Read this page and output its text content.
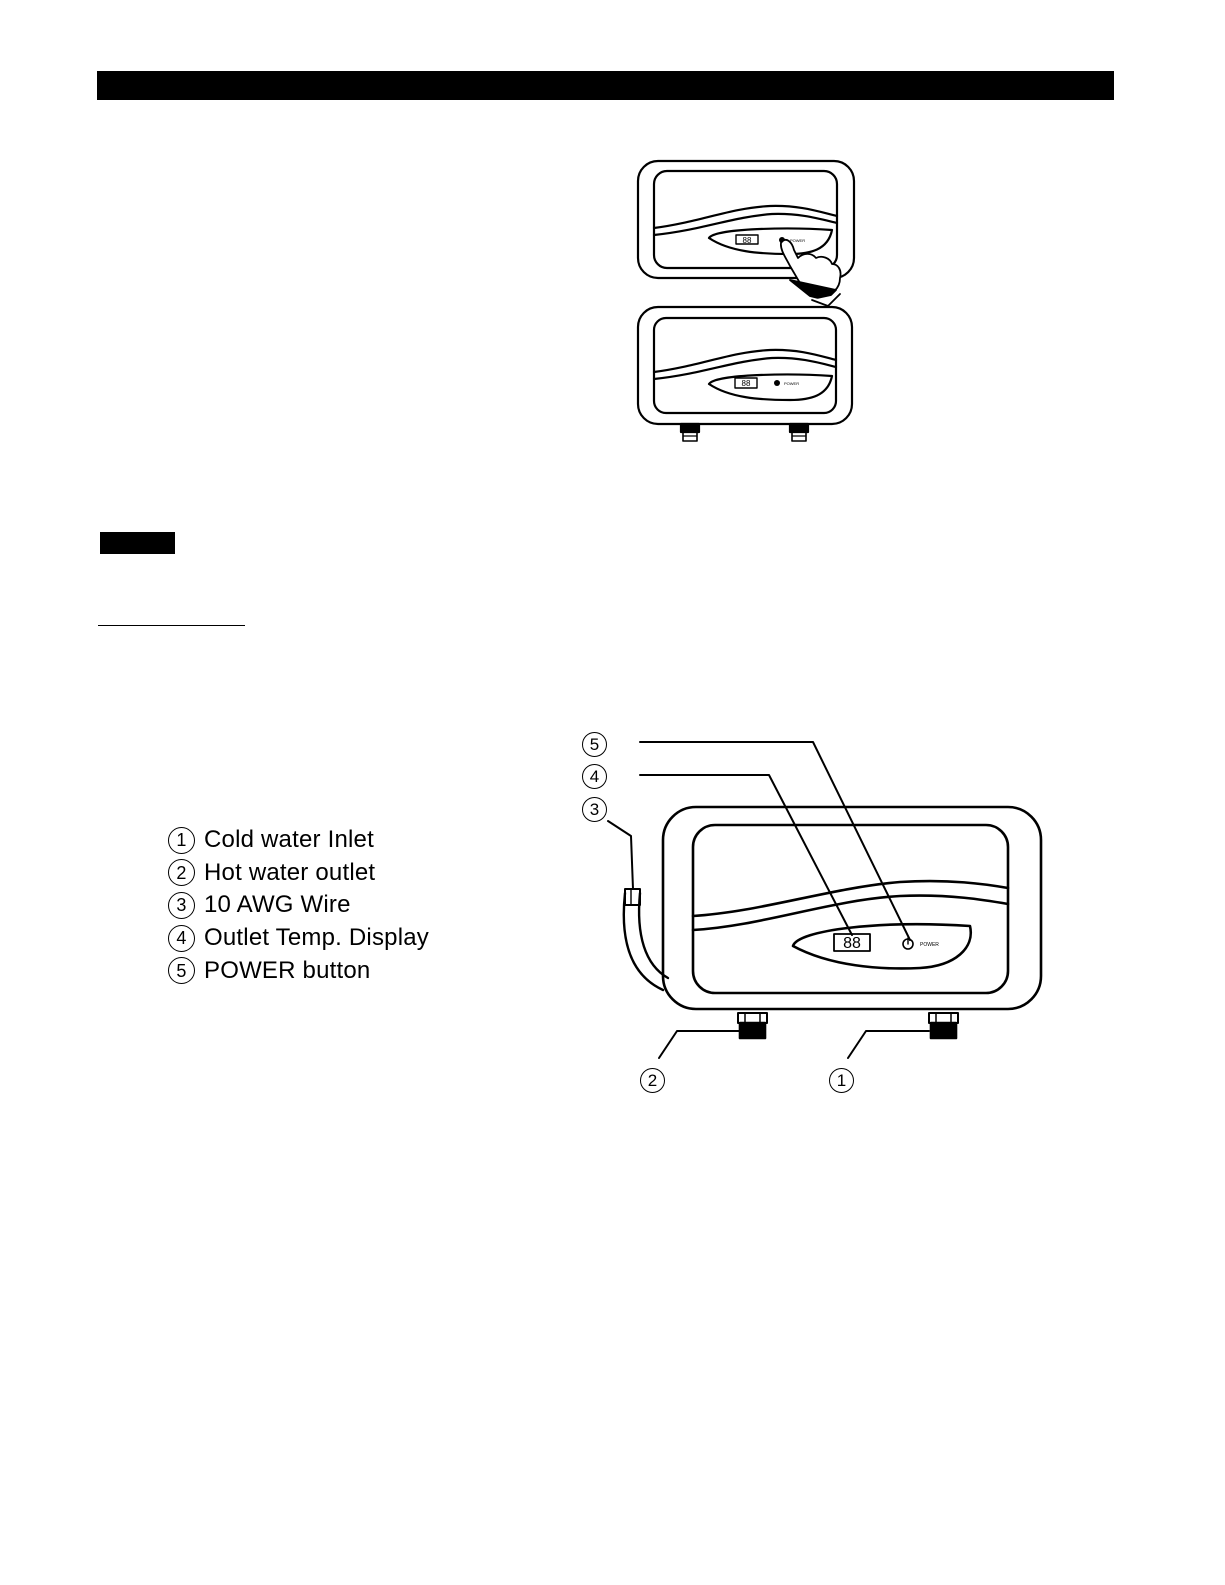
88	POWER
88	POWER
88	POWER
5
4
3
2	1
1 Cold water Inlet
2 Hot water outlet
3 10 AWG Wire
4 Outlet Temp. Display
5 POWER button
